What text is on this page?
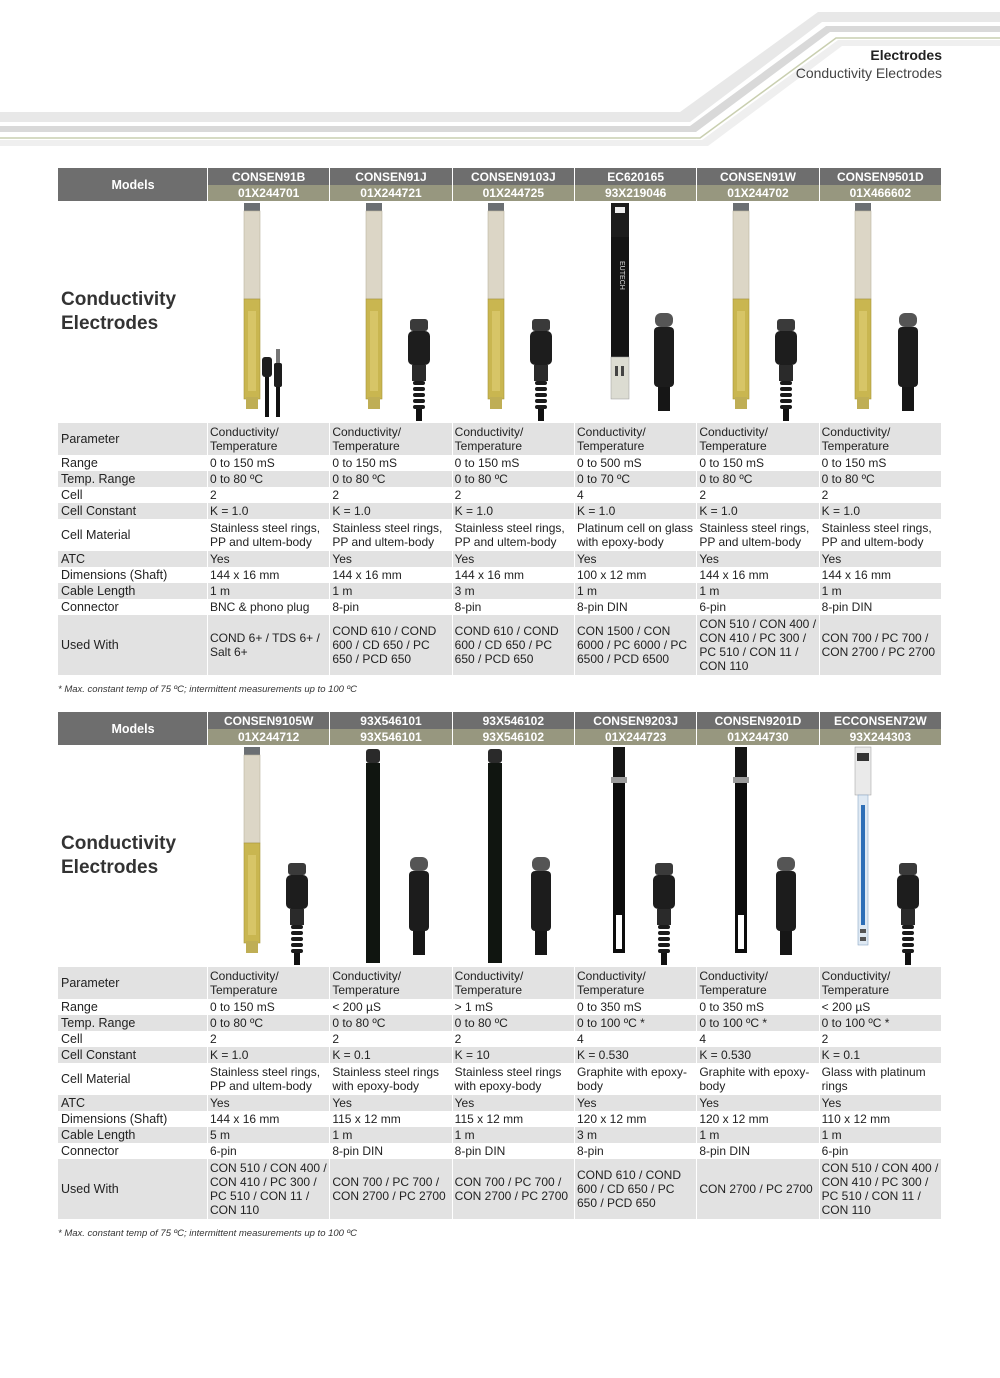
Electrodes
Conductivity Electrodes
Models	CONSEN91B	CONSEN91J	CONSEN9103J	EC620165	CONSEN91W	CONSEN9501D
	01X244701	01X244721	01X244725	93X219046	01X244702	01X466602
Conductivity Electrodes				EUTECH

Parameter	Conductivity/ Temperature	Conductivity/ Temperature	Conductivity/ Temperature	Conductivity/ Temperature	Conductivity/ Temperature	Conductivity/ Temperature
Range	0 to 150 mS	0 to 150 mS	0 to 150 mS	0 to 500 mS	0 to 150 mS	0 to 150 mS
Temp. Range	0 to 80 ºC	0 to 80 ºC	0 to 80 ºC	0 to 70 ºC	0 to 80 ºC	0 to 80 ºC
Cell	2	2	2	4	2	2
Cell Constant	K = 1.0	K = 1.0	K = 1.0	K = 1.0	K = 1.0	K = 1.0
Cell Material	Stainless steel rings, PP and ultem-body	Stainless steel rings, PP and ultem-body	Stainless steel rings, PP and ultem-body	Platinum cell on glass with epoxy-body	Stainless steel rings, PP and ultem-body	Stainless steel rings, PP and ultem-body
ATC	Yes	Yes	Yes	Yes	Yes	Yes
Dimensions (Shaft)	144 x 16 mm	144 x 16 mm	144 x 16 mm	100 x 12 mm	144 x 16 mm	144 x 16 mm
Cable Length	1 m	1 m	3 m	1 m	1 m	1 m
Connector	BNC & phono plug	8-pin	8-pin	8-pin DIN	6-pin	8-pin DIN
Used With	COND 6+ / TDS 6+ / Salt 6+	COND 610 / COND 600 / CD 650 / PC 650 / PCD 650	COND 610 / COND 600 / CD 650 / PC 650 / PCD 650	CON 1500 / CON 6000 / PC 6000 / PC 6500 / PCD 6500	CON 510 / CON 400 / CON 410 / PC 300 / PC 510 / CON 11 / CON 110	CON 700 / PC 700 / CON 2700 / PC 2700
Models	CONSEN9105W	93X546101	93X546102	CONSEN9203J	CONSEN9201D	ECCONSEN72W
	01X244712	93X546101	93X546102	01X244723	01X244730	93X244303
Conductivity Electrodes	

Parameter	Conductivity/ Temperature	Conductivity/ Temperature	Conductivity/ Temperature	Conductivity/ Temperature	Conductivity/ Temperature	Conductivity/ Temperature
Range	0 to 150 mS	< 200 µS	> 1 mS	0 to 350 mS	0 to 350 mS	< 200 µS
Temp. Range	0 to 80 ºC	0 to 80 ºC	0 to 80 ºC	0 to 100 ºC *	0 to 100 ºC *	0 to 100 ºC *
Cell	2	2	2	4	4	2
Cell Constant	K = 1.0	K = 0.1	K = 10	K = 0.530	K = 0.530	K = 0.1
Cell Material	Stainless steel rings, PP and ultem-body	Stainless steel rings with epoxy-body	Stainless steel rings with epoxy-body	Graphite with epoxy-body	Graphite with epoxy-body	Glass with platinum rings
ATC	Yes	Yes	Yes	Yes	Yes	Yes
Dimensions (Shaft)	144 x 16 mm	115 x 12 mm	115 x 12 mm	120 x 12 mm	120 x 12 mm	110 x 12 mm
Cable Length	5 m	1 m	1 m	3 m	1 m	1 m
Connector	6-pin	8-pin DIN	8-pin DIN	8-pin	8-pin DIN	6-pin
Used With	CON 510 / CON 400 / CON 410 / PC 300 / PC 510 / CON 11 / CON 110	CON 700 / PC 700 / CON 2700 / PC 2700	CON 700 / PC 700 / CON 2700 / PC 2700	COND 610 / COND 600 / CD 650 / PC 650 / PCD 650	CON 2700 / PC 2700	CON 510 / CON 400 / CON 410 / PC 300 / PC 510 / CON 11 / CON 110
* Max. constant temp of 75 ºC; intermittent measurements up to 100 ºC
* Max. constant temp of 75 ºC; intermittent measurements up to 100 ºC
